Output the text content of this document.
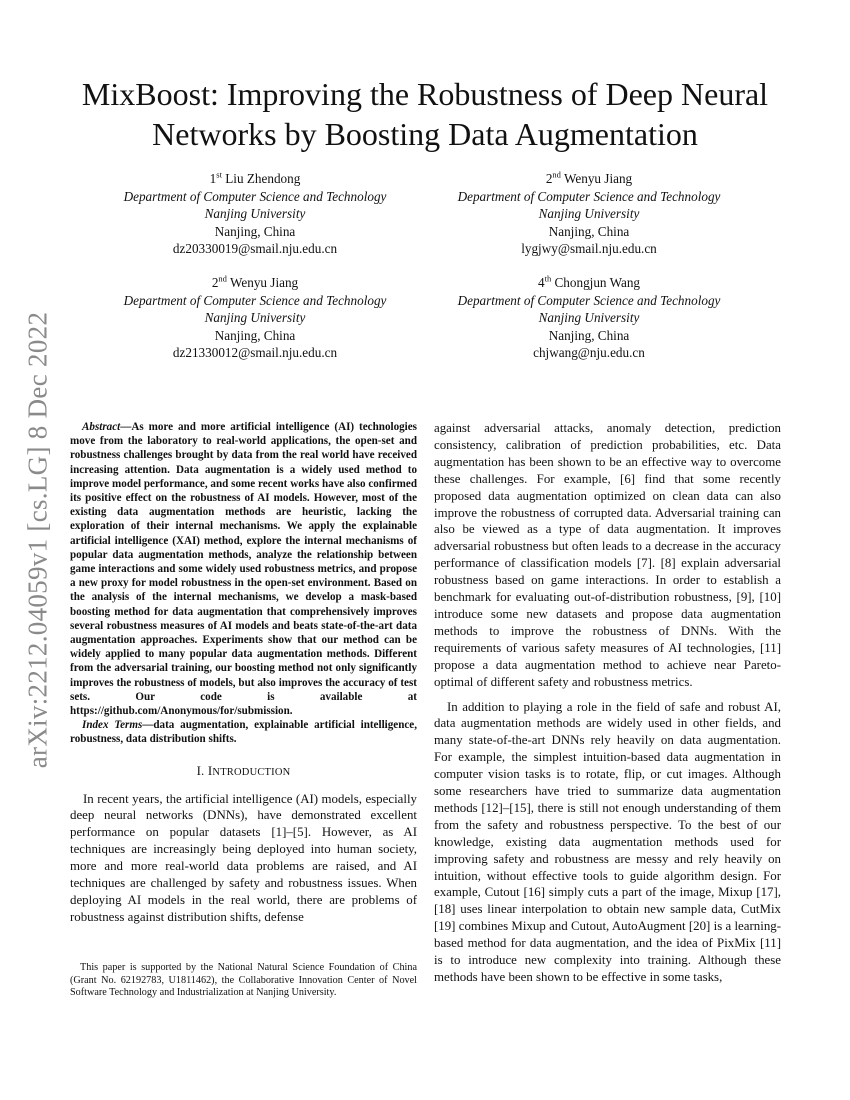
arXiv:2212.04059v1 [cs.LG] 8 Dec 2022
MixBoost: Improving the Robustness of Deep Neural Networks by Boosting Data Augmentation
1st Liu Zhendong
Department of Computer Science and Technology
Nanjing University
Nanjing, China
dz20330019@smail.nju.edu.cn
2nd Wenyu Jiang
Department of Computer Science and Technology
Nanjing University
Nanjing, China
lygjwy@smail.nju.edu.cn
2nd Wenyu Jiang
Department of Computer Science and Technology
Nanjing University
Nanjing, China
dz21330012@smail.nju.edu.cn
4th Chongjun Wang
Department of Computer Science and Technology
Nanjing University
Nanjing, China
chjwang@nju.edu.cn

Abstract—As more and more artificial intelligence (AI) technologies move from the laboratory to real-world applications, the open-set and robustness challenges brought by data from the real world have received increasing attention. Data augmentation is a widely used method to improve model performance, and some recent works have also confirmed its positive effect on the robustness of AI models. However, most of the existing data augmentation methods are heuristic, lacking the exploration of their internal mechanisms. We apply the explainable artificial intelligence (XAI) method, explore the internal mechanisms of popular data augmentation methods, analyze the relationship between game interactions and some widely used robustness metrics, and propose a new proxy for model robustness in the open-set environment. Based on the analysis of the internal mechanisms, we develop a mask-based boosting method for data augmentation that comprehensively improves several robustness measures of AI models and beats state-of-the-art data augmentation approaches. Experiments show that our method can be widely applied to many popular data augmentation methods. Different from the adversarial training, our boosting method not only significantly improves the robustness of models, but also improves the accuracy of test sets. Our code is available at https://github.com/Anonymous/for/submission.

Index Terms—data augmentation, explainable artificial intelligence, robustness, data distribution shifts.

I. INTRODUCTION

In recent years, the artificial intelligence (AI) models, especially deep neural networks (DNNs), have demonstrated excellent performance on popular datasets [1]–[5]. However, as AI techniques are increasingly being deployed into human society, more and more real-world data problems are raised, and AI techniques are challenged by safety and robustness issues. When deploying AI models in the real world, there are problems of robustness against distribution shifts, defense

This paper is supported by the National Natural Science Foundation of China (Grant No. 62192783, U1811462), the Collaborative Innovation Center of Novel Software Technology and Industrialization at Nanjing University.

against adversarial attacks, anomaly detection, prediction consistency, calibration of prediction probabilities, etc. Data augmentation has been shown to be an effective way to overcome these challenges. For example, [6] find that some recently proposed data augmentation optimized on clean data can also improve the robustness of corrupted data. Adversarial training can also be viewed as a type of data augmentation. It improves adversarial robustness but often leads to a decrease in the accuracy performance of classification models [7]. [8] explain adversarial robustness based on game interactions. In order to establish a benchmark for evaluating out-of-distribution robustness, [9], [10] introduce some new datasets and propose data augmentation methods to improve the robustness of DNNs. With the requirements of various safety measures of AI technologies, [11] propose a data augmentation method to achieve near Pareto-optimal of different safety and robustness metrics.

In addition to playing a role in the field of safe and robust AI, data augmentation methods are widely used in other fields, and many state-of-the-art DNNs rely heavily on data augmentation. For example, the simplest intuition-based data augmentation in computer vision tasks is to rotate, flip, or cut images. Although some researchers have tried to summarize data augmentation methods [12]–[15], there is still not enough understanding of them from the safety and robustness perspective. To the best of our knowledge, existing data augmentation methods used for improving safety and robustness are messy and rely heavily on intuition, without effective tools to guide algorithm design. For example, Cutout [16] simply cuts a part of the image, Mixup [17], [18] uses linear interpolation to obtain new sample data, CutMix [19] combines Mixup and Cutout, AutoAugment [20] is a learning-based method for data augmentation, and the idea of PixMix [11] is to introduce new complexity into training. Although these methods have been shown to be effective in some tasks,
